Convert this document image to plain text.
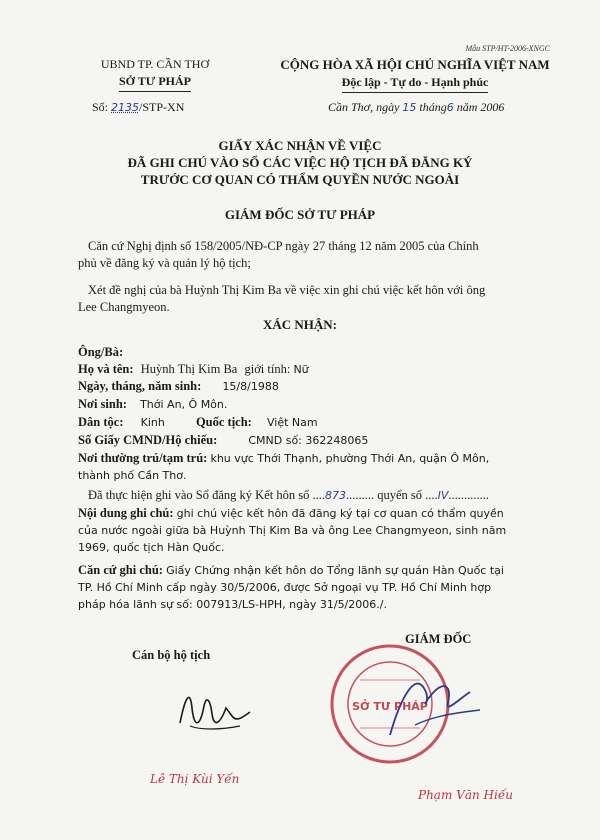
Mẫu STP/HT-2006-XNGC
UBND TP. CẦN THƠ
SỞ TƯ PHÁP
CỘNG HÒA XÃ HỘI CHỦ NGHĨA VIỆT NAM
Độc lập - Tự do - Hạnh phúc
Số: 2135/STP-XN	Cần Thơ, ngày 15 tháng6 năm 2006
GIẤY XÁC NHẬN VỀ VIỆC
ĐÃ GHI CHÚ VÀO SỔ CÁC VIỆC HỘ TỊCH ĐÃ ĐĂNG KÝ
TRƯỚC CƠ QUAN CÓ THẨM QUYỀN NƯỚC NGOÀI
GIÁM ĐỐC SỞ TƯ PHÁP
Căn cứ Nghị định số 158/2005/NĐ-CP ngày 27 tháng 12 năm 2005 của Chính
phủ về đăng ký và quản lý hộ tịch;
Xét đề nghị của bà Huỳnh Thị Kim Ba về việc xin ghi chú việc kết hôn với ông
Lee Changmyeon.
XÁC NHẬN:
Ông/Bà:
Họ và tên: Huỳnh Thị Kim Ba giới tính: Nữ
Ngày, tháng, năm sinh: 15/8/1988
Nơi sinh: Thới An, Ô Môn.
Dân tộc: Kinh Quốc tịch: Việt Nam
Số Giấy CMND/Hộ chiếu:	CMND số: 362248065
Nơi thường trú/tạm trú: khu vực Thới Thạnh, phường Thới An, quận Ô Môn,
thành phố Cần Thơ.
Đã thực hiện ghi vào Sổ đăng ký Kết hôn số ....873......... quyển số ....IV.............
Nội dung ghi chú: ghi chú việc kết hôn đã đăng ký tại cơ quan có thẩm quyền
của nước ngoài giữa bà Huỳnh Thị Kim Ba và ông Lee Changmyeon, sinh năm
1969, quốc tịch Hàn Quốc.
Căn cứ ghi chú: Giấy Chứng nhận kết hôn do Tổng lãnh sự quán Hàn Quốc tại
TP. Hồ Chí Minh cấp ngày 30/5/2006, được Sở ngoại vụ TP. Hồ Chí Minh hợp
pháp hóa lãnh sự số: 007913/LS-HPH, ngày 31/5/2006./.
Cán bộ hộ tịch
GIÁM ĐỐC
SỞ TƯ PHÁP
Lê Thị Kùi Yến
Phạm Văn Hiếu
